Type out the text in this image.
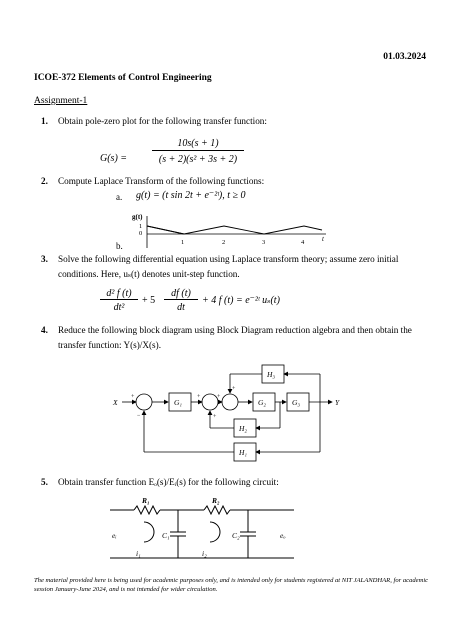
01.03.2024
ICOE-372 Elements of Control Engineering
Assignment-1
1. Obtain pole-zero plot for the following transfer function:
G(s) =
10s(s + 1)
(s + 2)(s² + 3s + 2)
2. Compute Laplace Transform of the following functions:
a. g(t) = (t sin 2t + e⁻²ᵗ), t ≥ 0
b.
g(t)
1
0
1	2	3	4	t
3. Solve the following differential equation using Laplace transform theory; assume zero initial conditions. Here, uₛ(t) denotes unit-step function.
d² f (t)
dt²
+ 5
df (t)
dt
+ 4 f (t) = e⁻²ᵗ uₛ(t)
4. Reduce the following block diagram using Block Diagram reduction algebra and then obtain the transfer function: Y(s)/X(s).
X	Y
G₁	G₂	G₃
H₃
H₂
H₁
+
−
+
+
+
+
5. Obtain transfer function Eₒ(s)/Eᵢ(s) for the following circuit:
R₁	R₂
C₁	C₂
eᵢ	eₒ
i₁	i₂
The material provided here is being used for academic purposes only, and is intended only for students registered at NIT JALANDHAR, for academic session January-June 2024, and is not intended for wider circulation.
